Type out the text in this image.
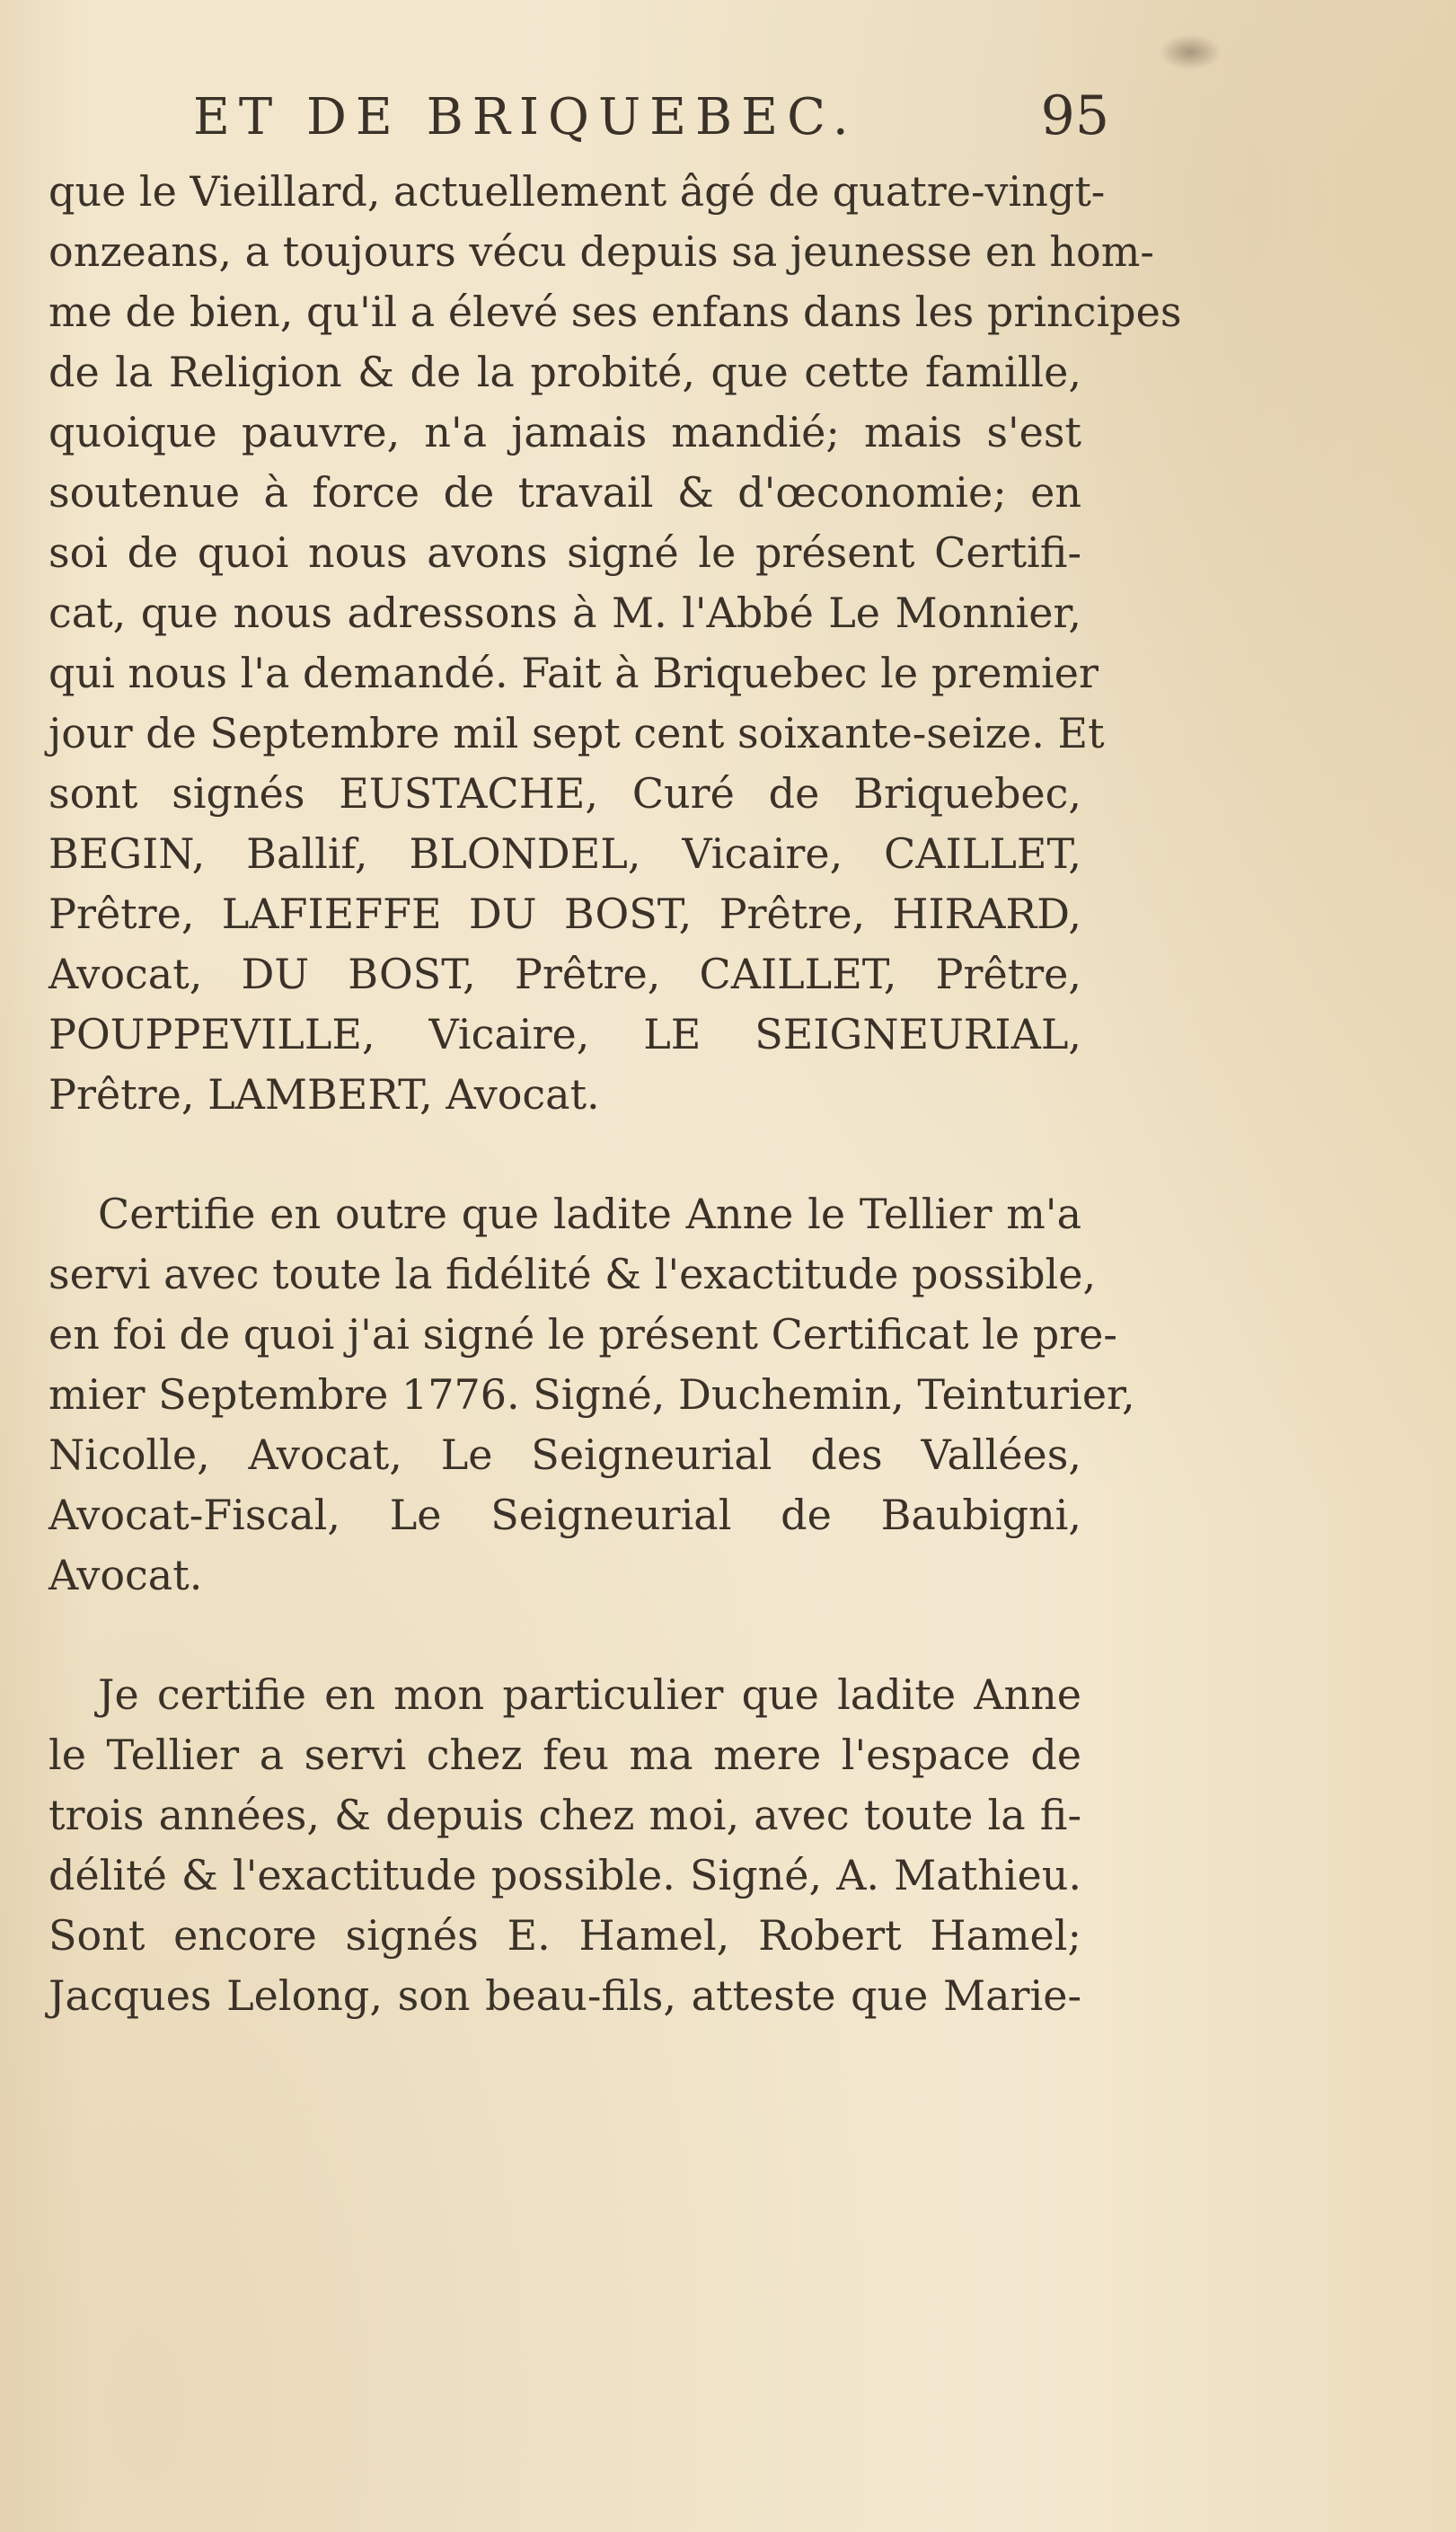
ET DE BRIQUEBEC.	95
que le Vieillard, actuellement âgé de quatre-vingt-
onzeans, a toujours vécu depuis sa jeunesse en hom-
me de bien, qu'il a élevé ses enfans dans les principes
de la Religion & de la probité, que cette famille,
quoique pauvre, n'a jamais mandié; mais s'est
soutenue à force de travail & d'œconomie; en
soi de quoi nous avons signé le présent Certifi-
cat, que nous adressons à M. l'Abbé Le Monnier,
qui nous l'a demandé. Fait à Briquebec le premier
jour de Septembre mil sept cent soixante-seize. Et
sont signés EUSTACHE, Curé de Briquebec,
BEGIN, Ballif, BLONDEL, Vicaire, CAILLET,
Prêtre, LAFIEFFE DU BOST, Prêtre, HIRARD,
Avocat, DU BOST, Prêtre, CAILLET, Prêtre,
POUPPEVILLE, Vicaire, LE SEIGNEURIAL,
Prêtre, LAMBERT, Avocat.
Certifie en outre que ladite Anne le Tellier m'a
servi avec toute la fidélité & l'exactitude possible,
en foi de quoi j'ai signé le présent Certificat le pre-
mier Septembre 1776. Signé, Duchemin, Teinturier,
Nicolle, Avocat, Le Seigneurial des Vallées,
Avocat-Fiscal, Le Seigneurial de Baubigni,
Avocat.
Je certifie en mon particulier que ladite Anne
le Tellier a servi chez feu ma mere l'espace de
trois années, & depuis chez moi, avec toute la fi-
délité & l'exactitude possible. Signé, A. Mathieu.
Sont encore signés E. Hamel, Robert Hamel;
Jacques Lelong, son beau-fils, atteste que Marie-
